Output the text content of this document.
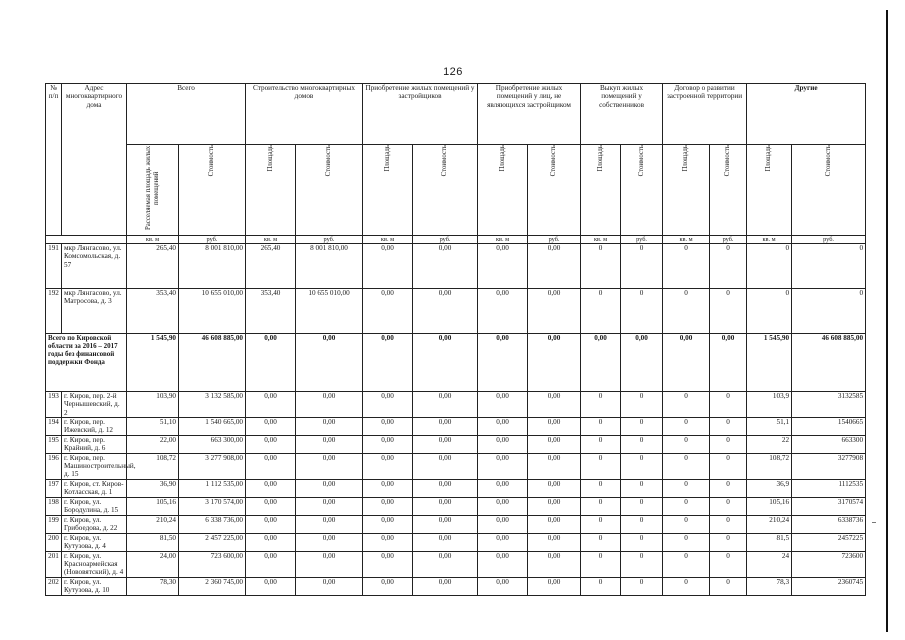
126
№ п/п	Адрес многоквартирного дома	Всего		Строительство многоквартирных домов		Приобретение жилых помещений у застройщиков		Приобретение жилых помещений у лиц, не являющихся застройщиком		Выкуп жилых помещений у собственников		Договор о развитии застроенной территории		Другие	

		Расселяемая площадь жилых помещений	Стоимость	Площадь	Стоимость	Площадь	Стоимость	Площадь	Стоимость	Площадь	Стоимость	Площадь	Стоимость	Площадь	Стоимость

		кв. м	руб.	кв. м	руб.	кв. м	руб.	кв. м	руб.	кв. м	руб.	кв. м	руб.	кв. м	руб.
191	мкр Лянгасово, ул. Комсомольская, д. 57	265,40	8 001 810,00	265,40	8 001 810,00	0,00	0,00	0,00	0,00	0	0	0	0	0	0
192	мкр Лянгасово, ул. Матросова, д. 3	353,40	10 655 010,00	353,40	10 655 010,00	0,00	0,00	0,00	0,00	0	0	0	0	0	0
Всего по Кировской области за 2016 – 2017 годы без финансовой поддержки Фонда		1 545,90	46 608 885,00	0,00	0,00	0,00	0,00	0,00	0,00	0,00	0,00	0,00	0,00	1 545,90	46 608 885,00
193	г. Киров, пер. 2-й Чернышевский, д. 2	103,90	3 132 585,00	0,00	0,00	0,00	0,00	0,00	0,00	0	0	0	0	103,9	3132585
194	г. Киров, пер. Ижевский, д. 12	51,10	1 540 665,00	0,00	0,00	0,00	0,00	0,00	0,00	0	0	0	0	51,1	1540665
195	г. Киров, пер. Крайний, д. 6	22,00	663 300,00	0,00	0,00	0,00	0,00	0,00	0,00	0	0	0	0	22	663300
196	г. Киров, пер. Машиностроительный, д. 15	108,72	3 277 908,00	0,00	0,00	0,00	0,00	0,00	0,00	0	0	0	0	108,72	3277908
197	г. Киров, ст. Киров-Котласская, д. 1	36,90	1 112 535,00	0,00	0,00	0,00	0,00	0,00	0,00	0	0	0	0	36,9	1112535
198	г. Киров, ул. Бородулина, д. 15	105,16	3 170 574,00	0,00	0,00	0,00	0,00	0,00	0,00	0	0	0	0	105,16	3170574
199	г. Киров, ул. Грибоедова, д. 22	210,24	6 338 736,00	0,00	0,00	0,00	0,00	0,00	0,00	0	0	0	0	210,24	6338736
200	г. Киров, ул. Кутузова, д. 4	81,50	2 457 225,00	0,00	0,00	0,00	0,00	0,00	0,00	0	0	0	0	81,5	2457225
201	г. Киров, ул. Красноармейская (Нововятский), д. 4	24,00	723 600,00	0,00	0,00	0,00	0,00	0,00	0,00	0	0	0	0	24	723600
202	г. Киров, ул. Кутузова, д. 10	78,30	2 360 745,00	0,00	0,00	0,00	0,00	0,00	0,00	0	0	0	0	78,3	2360745
